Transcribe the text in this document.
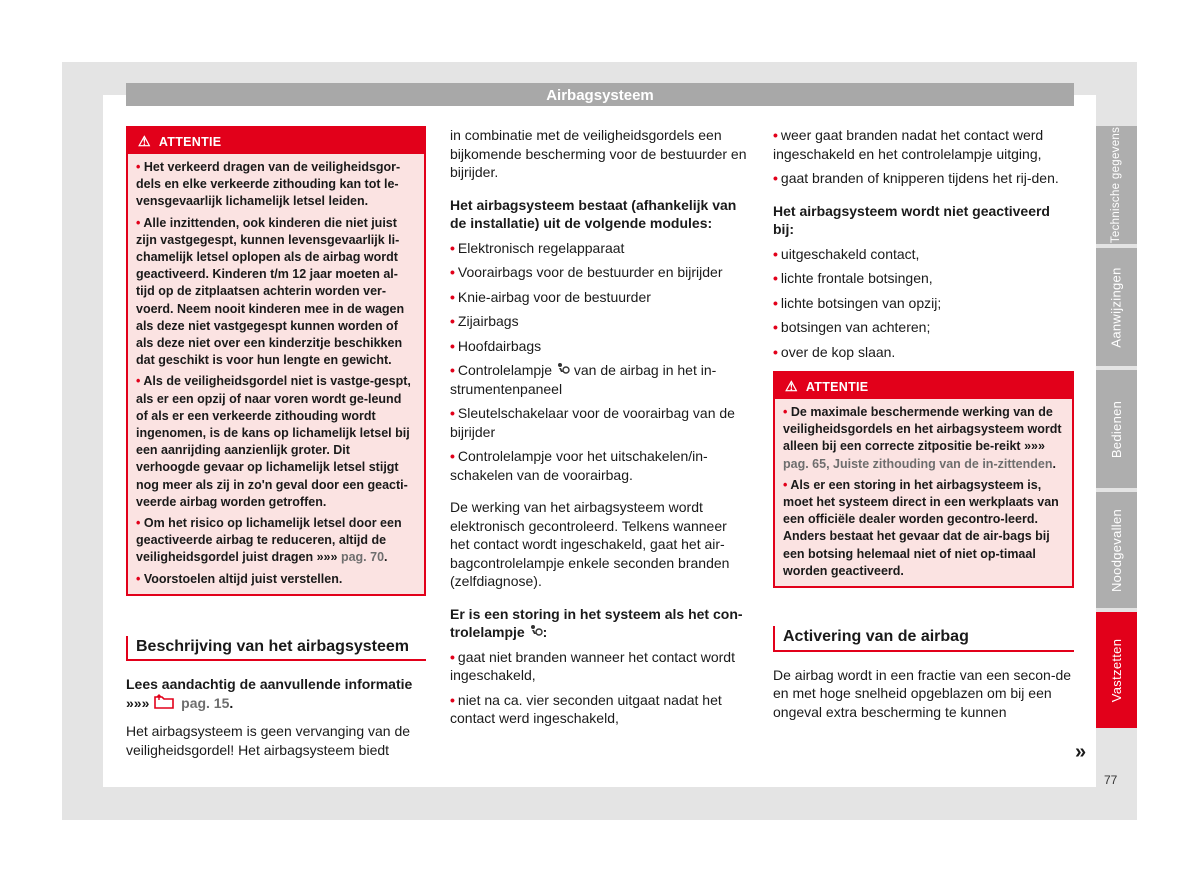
Airbagsysteem
⚠ ATTENTIE

• Het verkeerd dragen van de veiligheidsgor-dels en elke verkeerde zithouding kan tot le-vensgevaarlijk lichamelijk letsel leiden.

• Alle inzittenden, ook kinderen die niet juist zijn vastgegespt, kunnen levensgevaarlijk li-chamelijk letsel oplopen als de airbag wordt geactiveerd. Kinderen t/m 12 jaar moeten al-tijd op de zitplaatsen achterin worden ver-voerd. Neem nooit kinderen mee in de wagen als deze niet vastgegespt kunnen worden of als deze niet over een kinderzitje beschikken dat geschikt is voor hun lengte en gewicht.

• Als de veiligheidsgordel niet is vastge-gespt, als er een opzij of naar voren wordt ge-leund of als er een verkeerde zithouding wordt ingenomen, is de kans op lichamelijk letsel bij een aanrijding aanzienlijk groter. Dit verhoogde gevaar op lichamelijk letsel stijgt nog meer als zij in zo'n geval door een geacti-veerde airbag worden getroffen.

• Om het risico op lichamelijk letsel door een geactiveerde airbag te reduceren, altijd de veiligheidsgordel juist dragen »»» pag. 70.

• Voorstoelen altijd juist verstellen.

Beschrijving van het airbagsysteem

Lees aandachtig de aanvullende informatie »»» pag. 15.

Het airbagsysteem is geen vervanging van de veiligheidsgordel! Het airbagsysteem biedt

in combinatie met de veiligheidsgordels een bijkomende bescherming voor de bestuurder en bijrijder.

Het airbagsysteem bestaat (afhankelijk van de installatie) uit de volgende modules:

• Elektronisch regelapparaat

• Voorairbags voor de bestuurder en bijrijder

• Knie-airbag voor de bestuurder

• Zijairbags

• Hoofdairbags

• Controlelampje van de airbag in het in-strumentenpaneel

• Sleutelschakelaar voor de voorairbag van de bijrijder

• Controlelampje voor het uitschakelen/in-schakelen van de voorairbag.

De werking van het airbagsysteem wordt elektronisch gecontroleerd. Telkens wanneer het contact wordt ingeschakeld, gaat het air-bagcontrolelampje enkele seconden branden (zelfdiagnose).

Er is een storing in het systeem als het con-trolelampje :

• gaat niet branden wanneer het contact wordt ingeschakeld,

• niet na ca. vier seconden uitgaat nadat het contact werd ingeschakeld,

• weer gaat branden nadat het contact werd ingeschakeld en het controlelampje uitging,

• gaat branden of knipperen tijdens het rij-den.

Het airbagsysteem wordt niet geactiveerd bij:

• uitgeschakeld contact,

• lichte frontale botsingen,

• lichte botsingen van opzij;

• botsingen van achteren;

• over de kop slaan.

⚠ ATTENTIE

• De maximale beschermende werking van de veiligheidsgordels en het airbagsysteem wordt alleen bij een correcte zitpositie be-reikt »»» pag. 65, Juiste zithouding van de in-zittenden.

• Als er een storing in het airbagsysteem is, moet het systeem direct in een werkplaats van een officiële dealer worden gecontro-leerd. Anders bestaat het gevaar dat de air-bags bij een botsing helemaal niet of niet op-timaal worden geactiveerd.

Activering van de airbag

De airbag wordt in een fractie van een secon-de en met hoge snelheid opgeblazen om bij een ongeval extra bescherming te kunnen

Technische gegevens
Aanwijzingen
Bedienen
Noodgevallen
Vastzetten
»
77
